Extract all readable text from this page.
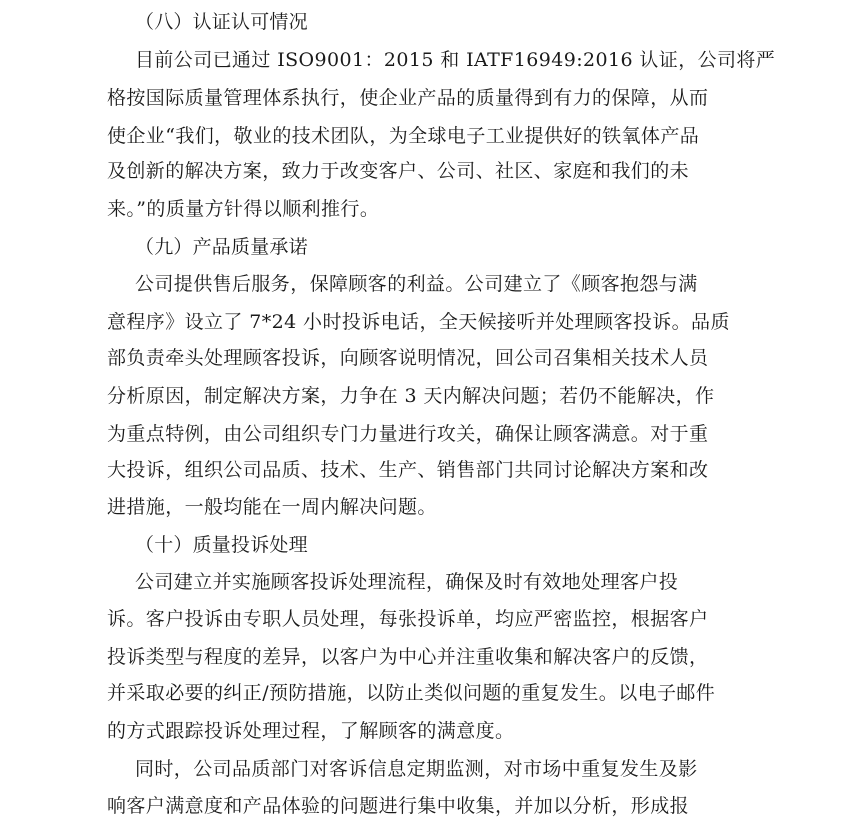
（八）认证认可情况
目前公司已通过 ISO9001：2015 和 IATF16949:2016 认证，公司将严
格按国际质量管理体系执行，使企业产品的质量得到有力的保障，从而
使企业“我们，敬业的技术团队，为全球电子工业提供好的铁氧体产品
及创新的解决方案，致力于改变客户、公司、社区、家庭和我们的未
来。”的质量方针得以顺利推行。
（九）产品质量承诺
公司提供售后服务，保障顾客的利益。公司建立了《顾客抱怨与满
意程序》设立了 7*24 小时投诉电话，全天候接听并处理顾客投诉。品质
部负责牵头处理顾客投诉，向顾客说明情况，回公司召集相关技术人员
分析原因，制定解决方案，力争在 3 天内解决问题；若仍不能解决，作
为重点特例，由公司组织专门力量进行攻关，确保让顾客满意。对于重
大投诉，组织公司品质、技术、生产、销售部门共同讨论解决方案和改
进措施，一般均能在一周内解决问题。
（十）质量投诉处理
公司建立并实施顾客投诉处理流程，确保及时有效地处理客户投
诉。客户投诉由专职人员处理，每张投诉单，均应严密监控，根据客户
投诉类型与程度的差异，以客户为中心并注重收集和解决客户的反馈，
并采取必要的纠正/预防措施，以防止类似问题的重复发生。以电子邮件
的方式跟踪投诉处理过程，了解顾客的满意度。
同时，公司品质部门对客诉信息定期监测，对市场中重复发生及影
响客户满意度和产品体验的问题进行集中收集，并加以分析，形成报
